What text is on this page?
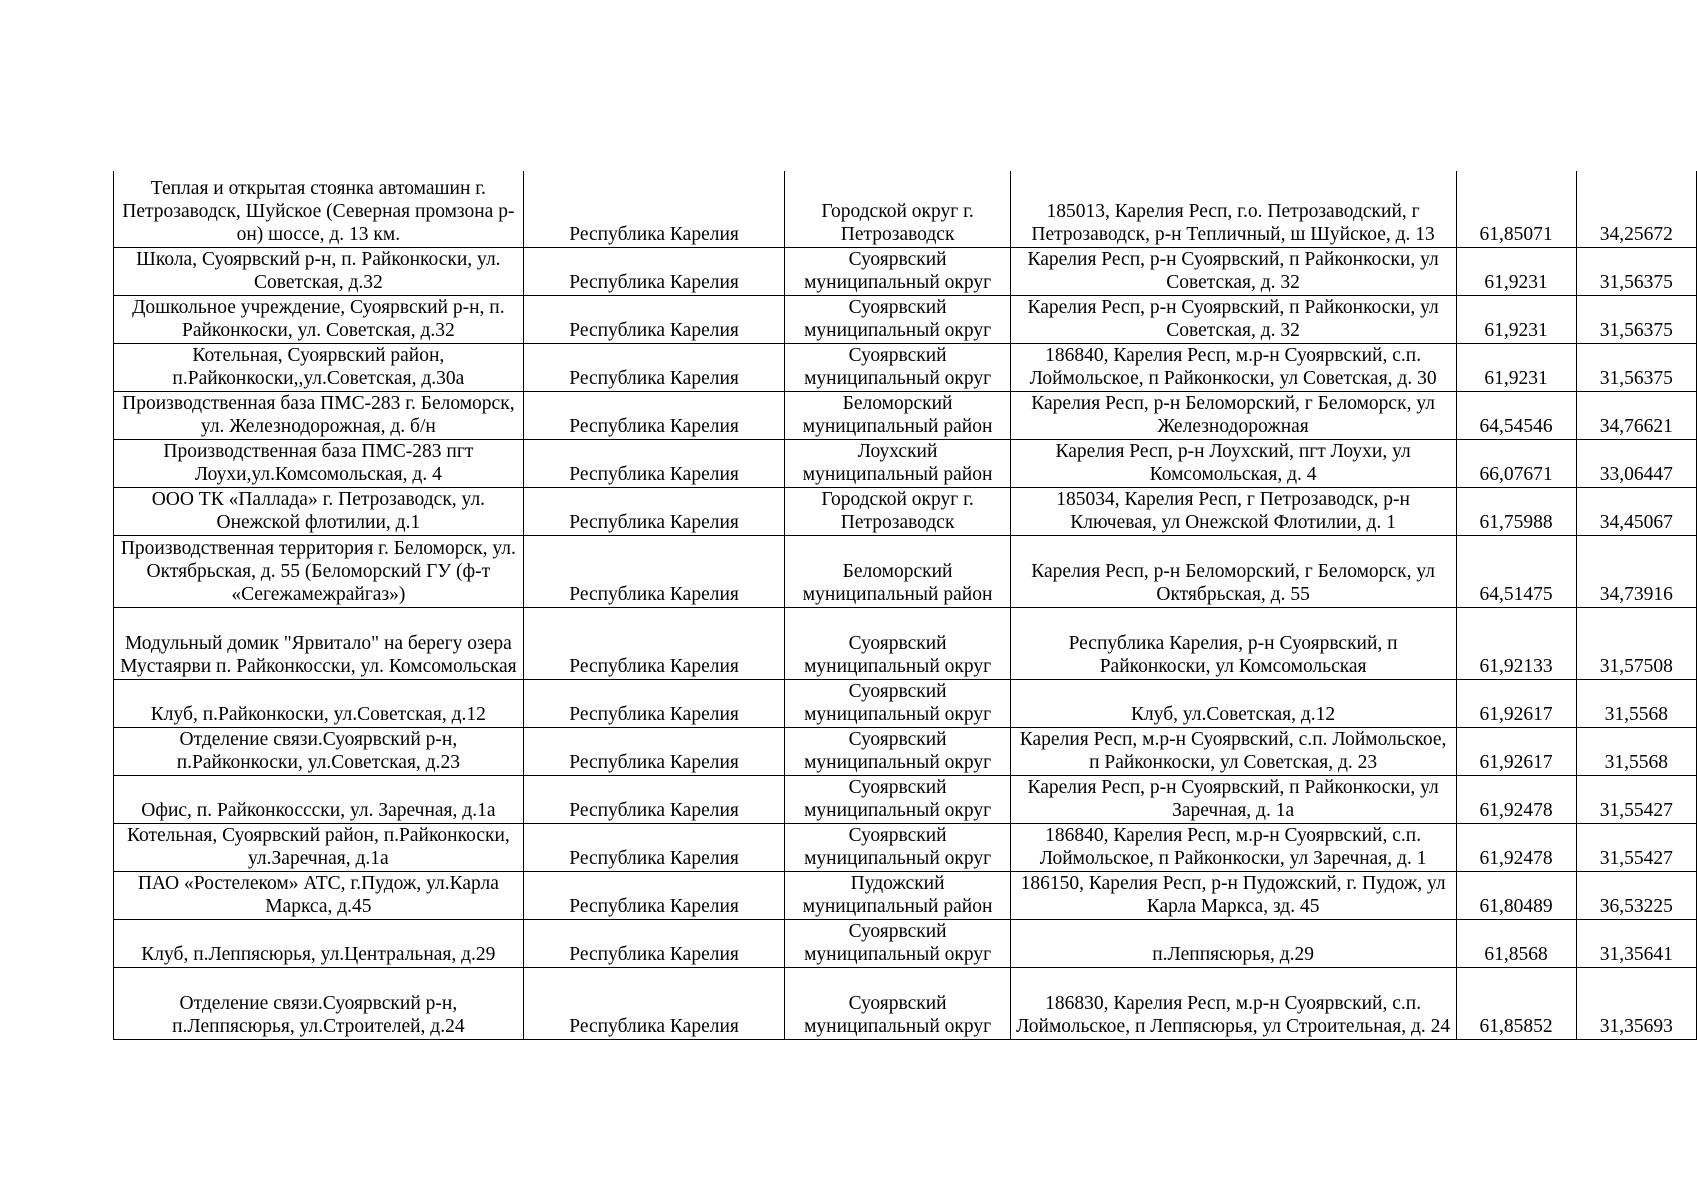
Теплая и открытая стоянка автомашин г. Петрозаводск, Шуйское (Северная промзона р-он) шоссе, д. 13 км.	Республика Карелия	Городской округ г. Петрозаводск	185013, Карелия Респ, г.о. Петрозаводский, г Петрозаводск, р-н Тепличный, ш Шуйское, д. 13	61,85071	34,25672
Школа, Суоярвский р-н, п. Райконкоски, ул. Советская, д.32	Республика Карелия	Суоярвский муниципальный округ	Карелия Респ, р-н Суоярвский, п Райконкоски, ул Советская, д. 32	61,9231	31,56375
Дошкольное учреждение, Суоярвский р-н, п. Райконкоски, ул. Советская, д.32	Республика Карелия	Суоярвский муниципальный округ	Карелия Респ, р-н Суоярвский, п Райконкоски, ул Советская, д. 32	61,9231	31,56375
Котельная, Суоярвский район, п.Райконкоски,,ул.Советская, д.30а	Республика Карелия	Суоярвский муниципальный округ	186840, Карелия Респ, м.р-н Суоярвский, с.п. Лоймольское, п Райконкоски, ул Советская, д. 30	61,9231	31,56375
Производственная база ПМС-283 г. Беломорск, ул. Железнодорожная, д. б/н	Республика Карелия	Беломорский муниципальный район	Карелия Респ, р-н Беломорский, г Беломорск, ул Железнодорожная	64,54546	34,76621
Производственная база ПМС-283 пгт Лоухи,ул.Комсомольская, д. 4	Республика Карелия	Лоухский муниципальный район	Карелия Респ, р-н Лоухский, пгт Лоухи, ул Комсомольская, д. 4	66,07671	33,06447
ООО ТК «Паллада» г. Петрозаводск, ул. Онежской флотилии, д.1	Республика Карелия	Городской округ г. Петрозаводск	185034, Карелия Респ, г Петрозаводск, р-н Ключевая, ул Онежской Флотилии, д. 1	61,75988	34,45067
Производственная территория г. Беломорск, ул. Октябрьская, д. 55 (Беломорский ГУ (ф-т «Сегежамежрайгаз»)	Республика Карелия	Беломорский муниципальный район	Карелия Респ, р-н Беломорский, г Беломорск, ул Октябрьская, д. 55	64,51475	34,73916
Модульный домик "Ярвитало" на берегу озера Мустаярви п. Райконкосски, ул. Комсомольская	Республика Карелия	Суоярвский муниципальный округ	Республика Карелия, р-н Суоярвский, п Райконкоски, ул Комсомольская	61,92133	31,57508
Клуб, п.Райконкоски, ул.Советская, д.12	Республика Карелия	Суоярвский муниципальный округ	Клуб, ул.Советская, д.12	61,92617	31,5568
Отделение связи.Суоярвский р-н, п.Райконкоски, ул.Советская, д.23	Республика Карелия	Суоярвский муниципальный округ	Карелия Респ, м.р-н Суоярвский, с.п. Лоймольское, п Райконкоски, ул Советская, д. 23	61,92617	31,5568
Офис, п. Райконкоссски, ул. Заречная, д.1а	Республика Карелия	Суоярвский муниципальный округ	Карелия Респ, р-н Суоярвский, п Райконкоски, ул Заречная, д. 1а	61,92478	31,55427
Котельная, Суоярвский район, п.Райконкоски, ул.Заречная, д.1а	Республика Карелия	Суоярвский муниципальный округ	186840, Карелия Респ, м.р-н Суоярвский, с.п. Лоймольское, п Райконкоски, ул Заречная, д. 1	61,92478	31,55427
ПАО «Ростелеком» АТС, г.Пудож, ул.Карла Маркса, д.45	Республика Карелия	Пудожский муниципальный район	186150, Карелия Респ, р-н Пудожский, г. Пудож, ул Карла Маркса, зд. 45	61,80489	36,53225
Клуб, п.Леппясюрья, ул.Центральная, д.29	Республика Карелия	Суоярвский муниципальный округ	п.Леппясюрья, д.29	61,8568	31,35641
Отделение связи.Суоярвский р-н, п.Леппясюрья, ул.Строителей, д.24	Республика Карелия	Суоярвский муниципальный округ	186830, Карелия Респ, м.р-н Суоярвский, с.п. Лоймольское, п Леппясюрья, ул Строительная, д. 24	61,85852	31,35693
